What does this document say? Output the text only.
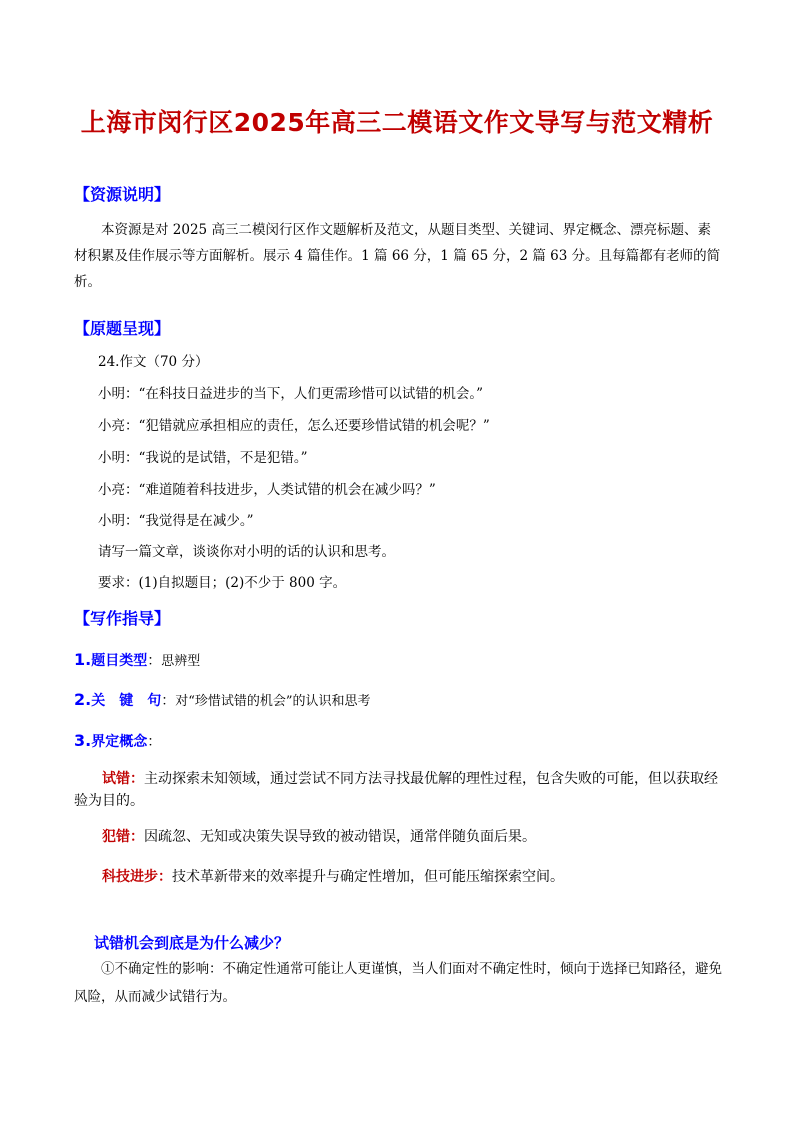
上海市闵行区2025年高三二模语文作文导写与范文精析
【资源说明】
本资源是对 2025 高三二模闵行区作文题解析及范文，从题目类型、关键词、界定概念、漂亮标题、素材积累及佳作展示等方面解析。展示 4 篇佳作。1 篇 66 分，1 篇 65 分，2 篇 63 分。且每篇都有老师的简析。
【原题呈现】
24.作文（70 分）
小明：“在科技日益进步的当下，人们更需珍惜可以试错的机会。”
小亮：“犯错就应承担相应的责任，怎么还要珍惜试错的机会呢？”
小明：“我说的是试错，不是犯错。”
小亮：“难道随着科技进步，人类试错的机会在减少吗？”
小明：“我觉得是在减少。”
请写一篇文章，谈谈你对小明的话的认识和思考。
要求：(1)自拟题目；(2)不少于 800 字。
【写作指导】
1.题目类型：思辨型
2.关　键　句：对“珍惜试错的机会”的认识和思考
3.界定概念：
试错：主动探索未知领域，通过尝试不同方法寻找最优解的理性过程，包含失败的可能，但以获取经验为目的。
犯错：因疏忽、无知或决策失误导致的被动错误，通常伴随负面后果。
科技进步：技术革新带来的效率提升与确定性增加，但可能压缩探索空间。
试错机会到底是为什么减少？
①不确定性的影响：不确定性通常可能让人更谨慎，当人们面对不确定性时，倾向于选择已知路径，避免风险，从而减少试错行为。
